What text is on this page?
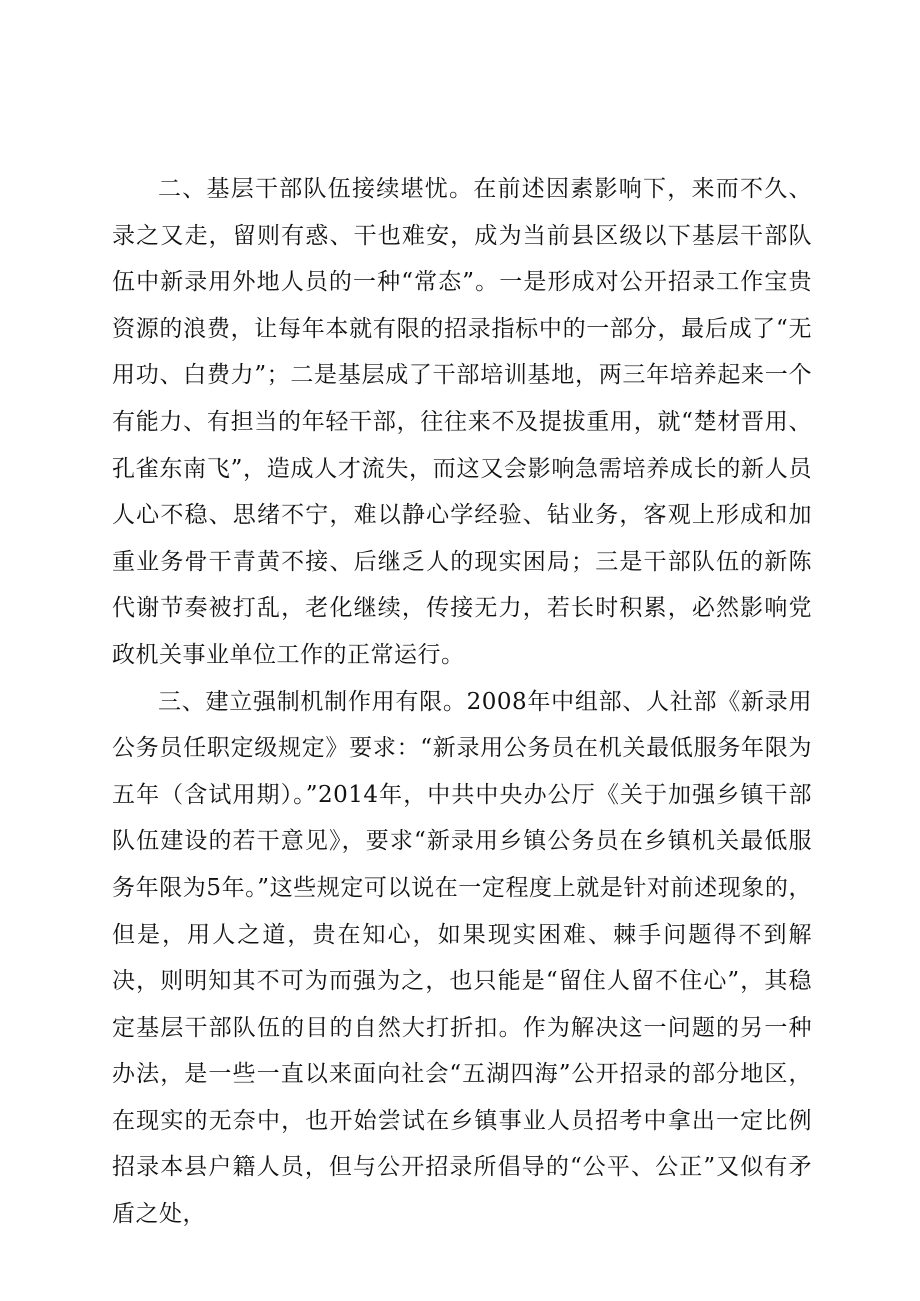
二、基层干部队伍接续堪忧。在前述因素影响下，来而不久、录之又走，留则有惑、干也难安，成为当前县区级以下基层干部队伍中新录用外地人员的一种“常态”。一是形成对公开招录工作宝贵资源的浪费，让每年本就有限的招录指标中的一部分，最后成了“无用功、白费力”；二是基层成了干部培训基地，两三年培养起来一个有能力、有担当的年轻干部，往往来不及提拔重用，就“楚材晋用、孔雀东南飞”，造成人才流失，而这又会影响急需培养成长的新人员人心不稳、思绪不宁，难以静心学经验、钻业务，客观上形成和加重业务骨干青黄不接、后继乏人的现实困局；三是干部队伍的新陈代谢节奏被打乱，老化继续，传接无力，若长时积累，必然影响党政机关事业单位工作的正常运行。

三、建立强制机制作用有限。2008年中组部、人社部《新录用公务员任职定级规定》要求：“新录用公务员在机关最低服务年限为五年（含试用期）。”2014年，中共中央办公厅《关于加强乡镇干部队伍建设的若干意见》，要求“新录用乡镇公务员在乡镇机关最低服务年限为5年。”这些规定可以说在一定程度上就是针对前述现象的，但是，用人之道，贵在知心，如果现实困难、棘手问题得不到解决，则明知其不可为而强为之，也只能是“留住人留不住心”，其稳定基层干部队伍的目的自然大打折扣。作为解决这一问题的另一种办法，是一些一直以来面向社会“五湖四海”公开招录的部分地区，在现实的无奈中，也开始尝试在乡镇事业人员招考中拿出一定比例招录本县户籍人员，但与公开招录所倡导的“公平、公正”又似有矛盾之处，
